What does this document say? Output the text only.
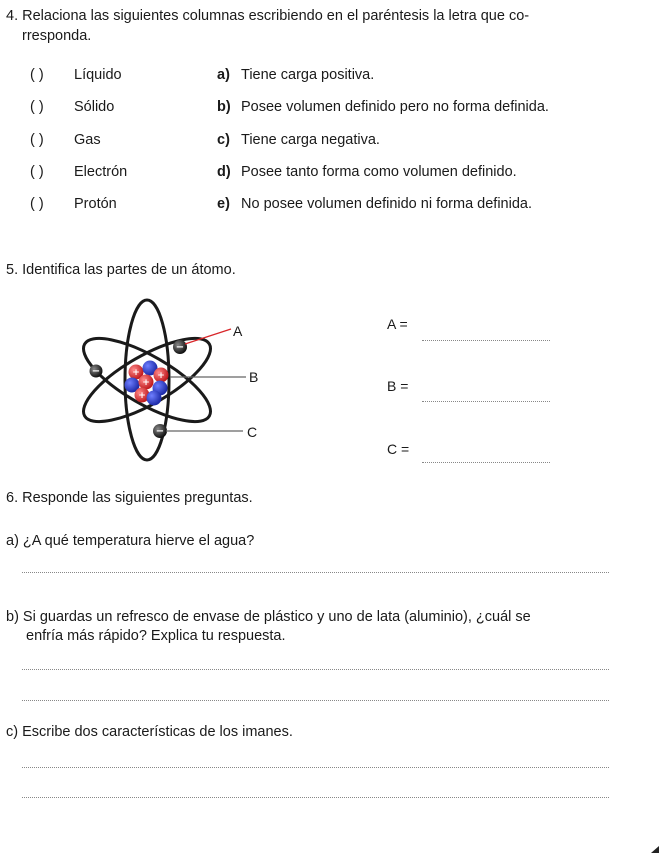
4. Relaciona las siguientes columnas escribiendo en el paréntesis la letra que co-
rresponda.
( ) Líquido	a) Tiene carga positiva.
( ) Sólido	b) Posee volumen definido pero no forma definida.
( ) Gas	c) Tiene carga negativa.
( ) Electrón	d) Posee tanto forma como volumen definido.
( ) Protón	e) No posee volumen definido ni forma definida.
5. Identifica las partes de un átomo.
+ +
+
+
−
−
−
A
B
C
A =
B =
C =
6. Responde las siguientes preguntas.
a) ¿A qué temperatura hierve el agua?
b) Si guardas un refresco de envase de plástico y uno de lata (aluminio), ¿cuál se
enfría más rápido? Explica tu respuesta.
c) Escribe dos características de los imanes.
